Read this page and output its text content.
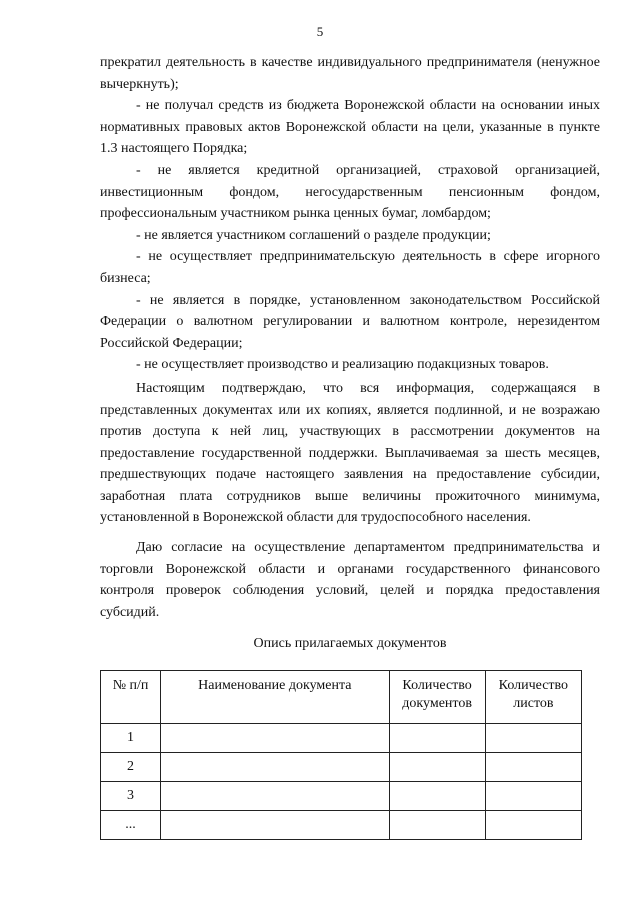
5

прекратил деятельность в качестве индивидуального предпринимателя (ненужное вычеркнуть);

- не получал средств из бюджета Воронежской области на основании иных нормативных правовых актов Воронежской области на цели, указанные в пункте 1.3 настоящего Порядка;

- не является кредитной организацией, страховой организацией, инвестиционным фондом, негосударственным пенсионным фондом, профессиональным участником рынка ценных бумаг, ломбардом;

- не является участником соглашений о разделе продукции;

- не осуществляет предпринимательскую деятельность в сфере игорного бизнеса;

- не является в порядке, установленном законодательством Российской Федерации о валютном регулировании и валютном контроле, нерезидентом Российской Федерации;

- не осуществляет производство и реализацию подакцизных товаров.

Настоящим подтверждаю, что вся информация, содержащаяся в представленных документах или их копиях, является подлинной, и не возражаю против доступа к ней лиц, участвующих в рассмотрении документов на предоставление государственной поддержки. Выплачиваемая за шесть месяцев, предшествующих подаче настоящего заявления на предоставление субсидии, заработная плата сотрудников выше величины прожиточного минимума, установленной в Воронежской области для трудоспособного населения.

Даю согласие на осуществление департаментом предпринимательства и торговли Воронежской области и органами государственного финансового контроля проверок соблюдения условий, целей и порядка предоставления субсидий.

Опись прилагаемых документов
№ п/п	Наименование документа	Количество документов	Количество листов
1			
2			
3			
...			
